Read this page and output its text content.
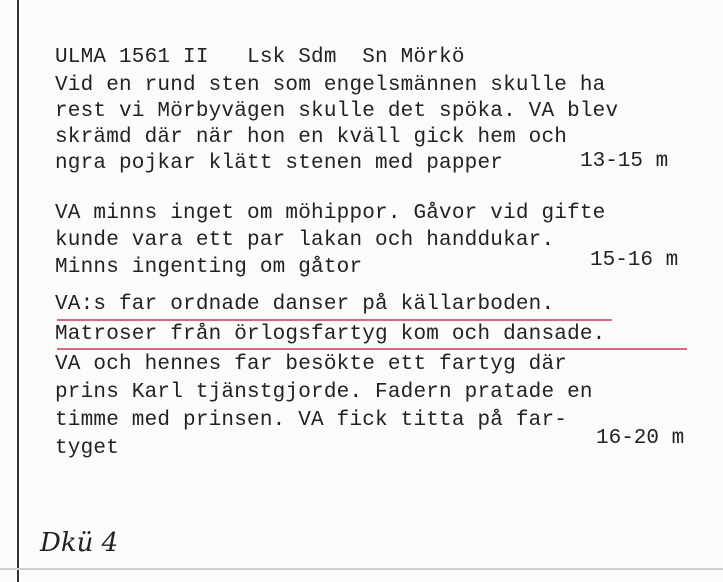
ULMA 1561 II   Lsk Sdm  Sn Mörkö
Vid en rund sten som engelsmännen skulle ha
rest vi Mörbyvägen skulle det spöka. VA blev
skrämd där när hon en kväll gick hem och
ngra pojkar klätt stenen med papper	13-15 m
VA minns inget om möhippor. Gåvor vid gifte
kunde vara ett par lakan och handdukar.
Minns ingenting om gåtor	15-16 m
VA:s far ordnade danser på källarboden.
Matroser från örlogsfartyg kom och dansade.
VA och hennes far besökte ett fartyg där
prins Karl tjänstgjorde. Fadern pratade en
timme med prinsen. VA fick titta på far-
tyget	16-20 m
Dkü 4
